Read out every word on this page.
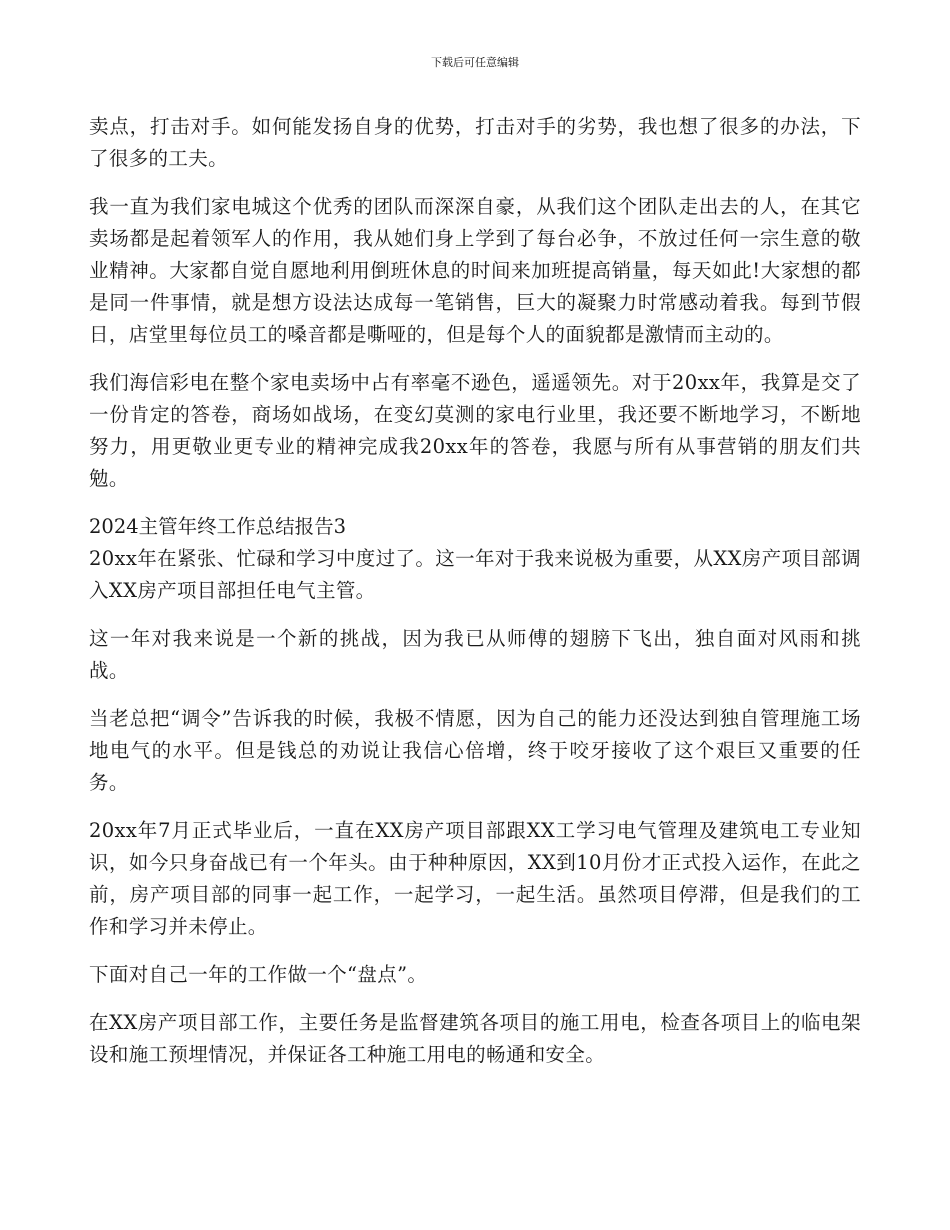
下载后可任意编辑

卖点，打击对手。如何能发扬自身的优势，打击对手的劣势，我也想了很多的办法，下了很多的工夫。

我一直为我们家电城这个优秀的团队而深深自豪，从我们这个团队走出去的人，在其它卖场都是起着领军人的作用，我从她们身上学到了每台必争，不放过任何一宗生意的敬业精神。大家都自觉自愿地利用倒班休息的时间来加班提高销量，每天如此!大家想的都是同一件事情，就是想方设法达成每一笔销售，巨大的凝聚力时常感动着我。每到节假日，店堂里每位员工的嗓音都是嘶哑的，但是每个人的面貌都是激情而主动的。

我们海信彩电在整个家电卖场中占有率毫不逊色，遥遥领先。对于20xx年，我算是交了一份肯定的答卷，商场如战场，在变幻莫测的家电行业里，我还要不断地学习，不断地努力，用更敬业更专业的精神完成我20xx年的答卷，我愿与所有从事营销的朋友们共勉。

2024主管年终工作总结报告3

20xx年在紧张、忙碌和学习中度过了。这一年对于我来说极为重要，从XX房产项目部调入XX房产项目部担任电气主管。

这一年对我来说是一个新的挑战，因为我已从师傅的翅膀下飞出，独自面对风雨和挑战。

当老总把“调令”告诉我的时候，我极不情愿，因为自己的能力还没达到独自管理施工场地电气的水平。但是钱总的劝说让我信心倍增，终于咬牙接收了这个艰巨又重要的任务。

20xx年7月正式毕业后，一直在XX房产项目部跟XX工学习电气管理及建筑电工专业知识，如今只身奋战已有一个年头。由于种种原因，XX到10月份才正式投入运作，在此之前，房产项目部的同事一起工作，一起学习，一起生活。虽然项目停滞，但是我们的工作和学习并未停止。

下面对自己一年的工作做一个“盘点”。

在XX房产项目部工作，主要任务是监督建筑各项目的施工用电，检查各项目上的临电架设和施工预埋情况，并保证各工种施工用电的畅通和安全。
